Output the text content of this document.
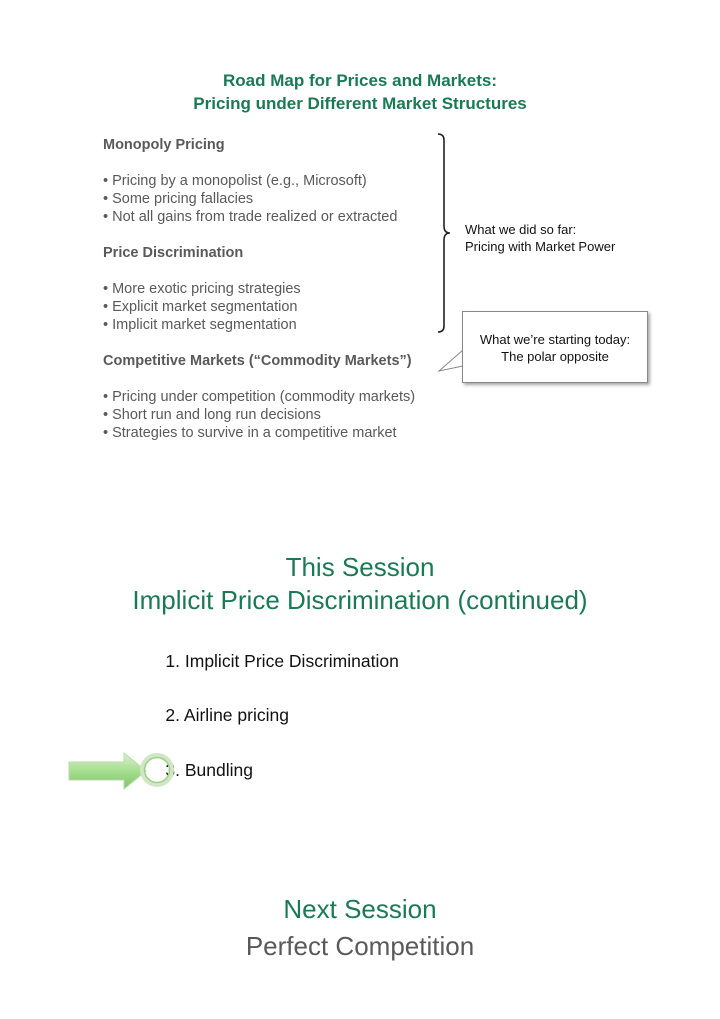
Road Map for Prices and Markets:
Pricing under Different Market Structures
Monopoly Pricing
• Pricing by a monopolist (e.g., Microsoft)
• Some pricing fallacies
• Not all gains from trade realized or extracted
Price Discrimination
• More exotic pricing strategies
• Explicit market segmentation
• Implicit market segmentation
Competitive Markets (“Commodity Markets”)
• Pricing under competition (commodity markets)
• Short run and long run decisions
• Strategies to survive in a competitive market
What we did so far:
Pricing with Market Power
What we’re starting today:
The polar opposite
This Session
Implicit Price Discrimination (continued)
1. Implicit Price Discrimination
2. Airline pricing
3. Bundling
Next Session
Perfect Competition
